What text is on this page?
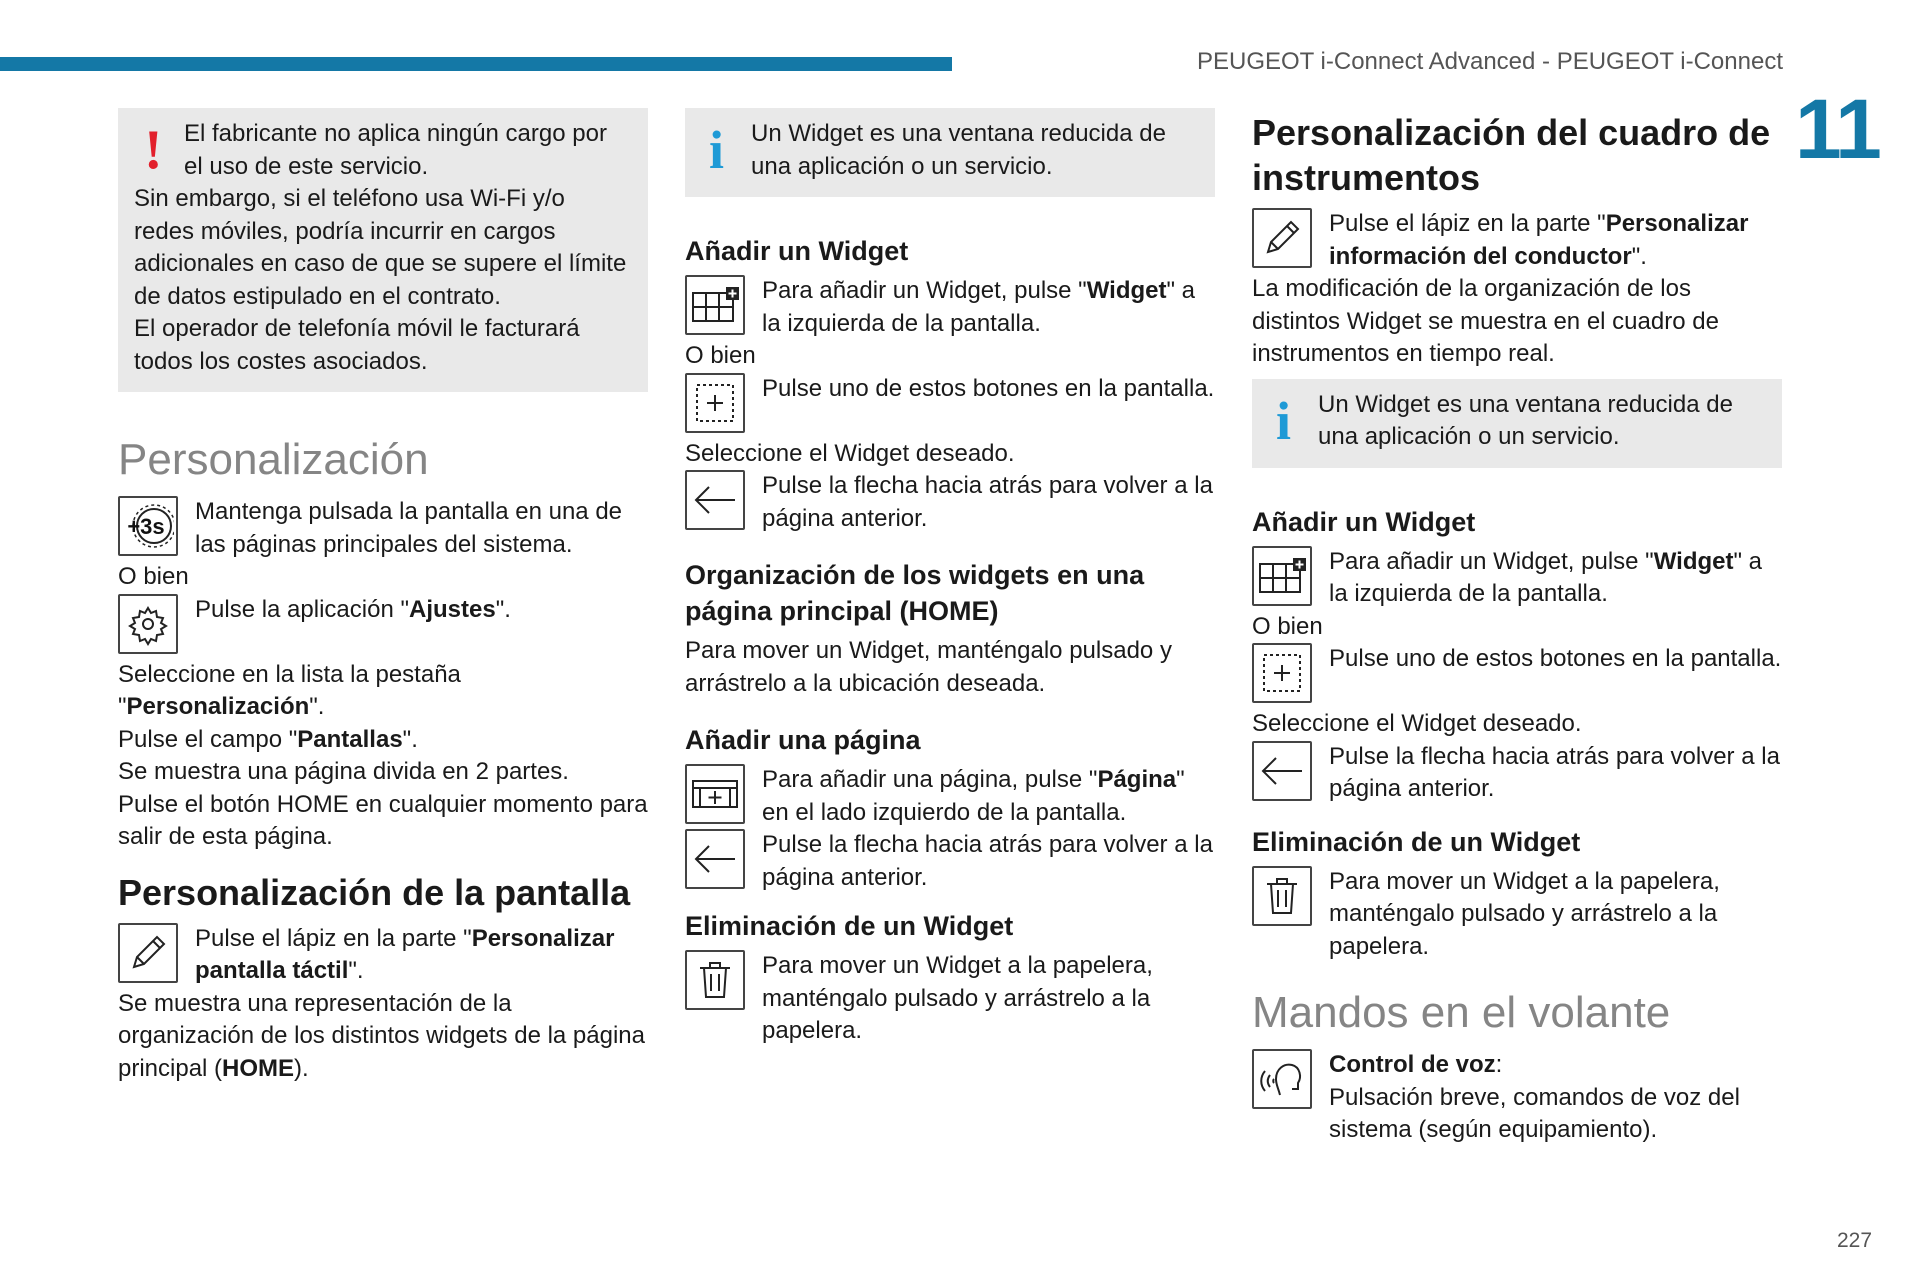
PEUGEOT i-Connect Advanced - PEUGEOT i-Connect
11
227
! El fabricante no aplica ningún cargo por el uso de este servicio.

Sin embargo, si el teléfono usa Wi-Fi y/o redes móviles, podría incurrir en cargos adicionales en caso de que se supere el límite de datos estipulado en el contrato.

El operador de telefonía móvil le facturará todos los costes asociados.

Personalización
+3s

Mantenga pulsada la pantalla en una de las páginas principales del sistema.

O bien

Pulse la aplicación "Ajustes".

Seleccione en la lista la pestaña "Personalización".

Pulse el campo "Pantallas".

Se muestra una página divida en 2 partes.

Pulse el botón HOME en cualquier momento para salir de esta página.

Personalización de la pantalla

Pulse el lápiz en la parte "Personalizar pantalla táctil".

Se muestra una representación de la organización de los distintos widgets de la página principal (HOME).

i Un Widget es una ventana reducida de una aplicación o un servicio.

Añadir un Widget

Para añadir un Widget, pulse "Widget" a la izquierda de la pantalla.

O bien

Pulse uno de estos botones en la pantalla.

Seleccione el Widget deseado.

Pulse la flecha hacia atrás para volver a la página anterior.

Organización de los widgets en una página principal (HOME)

Para mover un Widget, manténgalo pulsado y arrástrelo a la ubicación deseada.

Añadir una página

Para añadir una página, pulse "Página" en el lado izquierdo de la pantalla.

Pulse la flecha hacia atrás para volver a la página anterior.

Eliminación de un Widget

Para mover un Widget a la papelera, manténgalo pulsado y arrástrelo a la papelera.

Personalización del cuadro de instrumentos

Pulse el lápiz en la parte "Personalizar información del conductor".

La modificación de la organización de los distintos Widget se muestra en el cuadro de instrumentos en tiempo real.

i Un Widget es una ventana reducida de una aplicación o un servicio.

Añadir un Widget

Para añadir un Widget, pulse "Widget" a la izquierda de la pantalla.

O bien

Pulse uno de estos botones en la pantalla.

Seleccione el Widget deseado.

Pulse la flecha hacia atrás para volver a la página anterior.

Eliminación de un Widget

Para mover un Widget a la papelera, manténgalo pulsado y arrástrelo a la papelera.

Mandos en el volante

Control de voz:

Pulsación breve, comandos de voz del sistema (según equipamiento).
